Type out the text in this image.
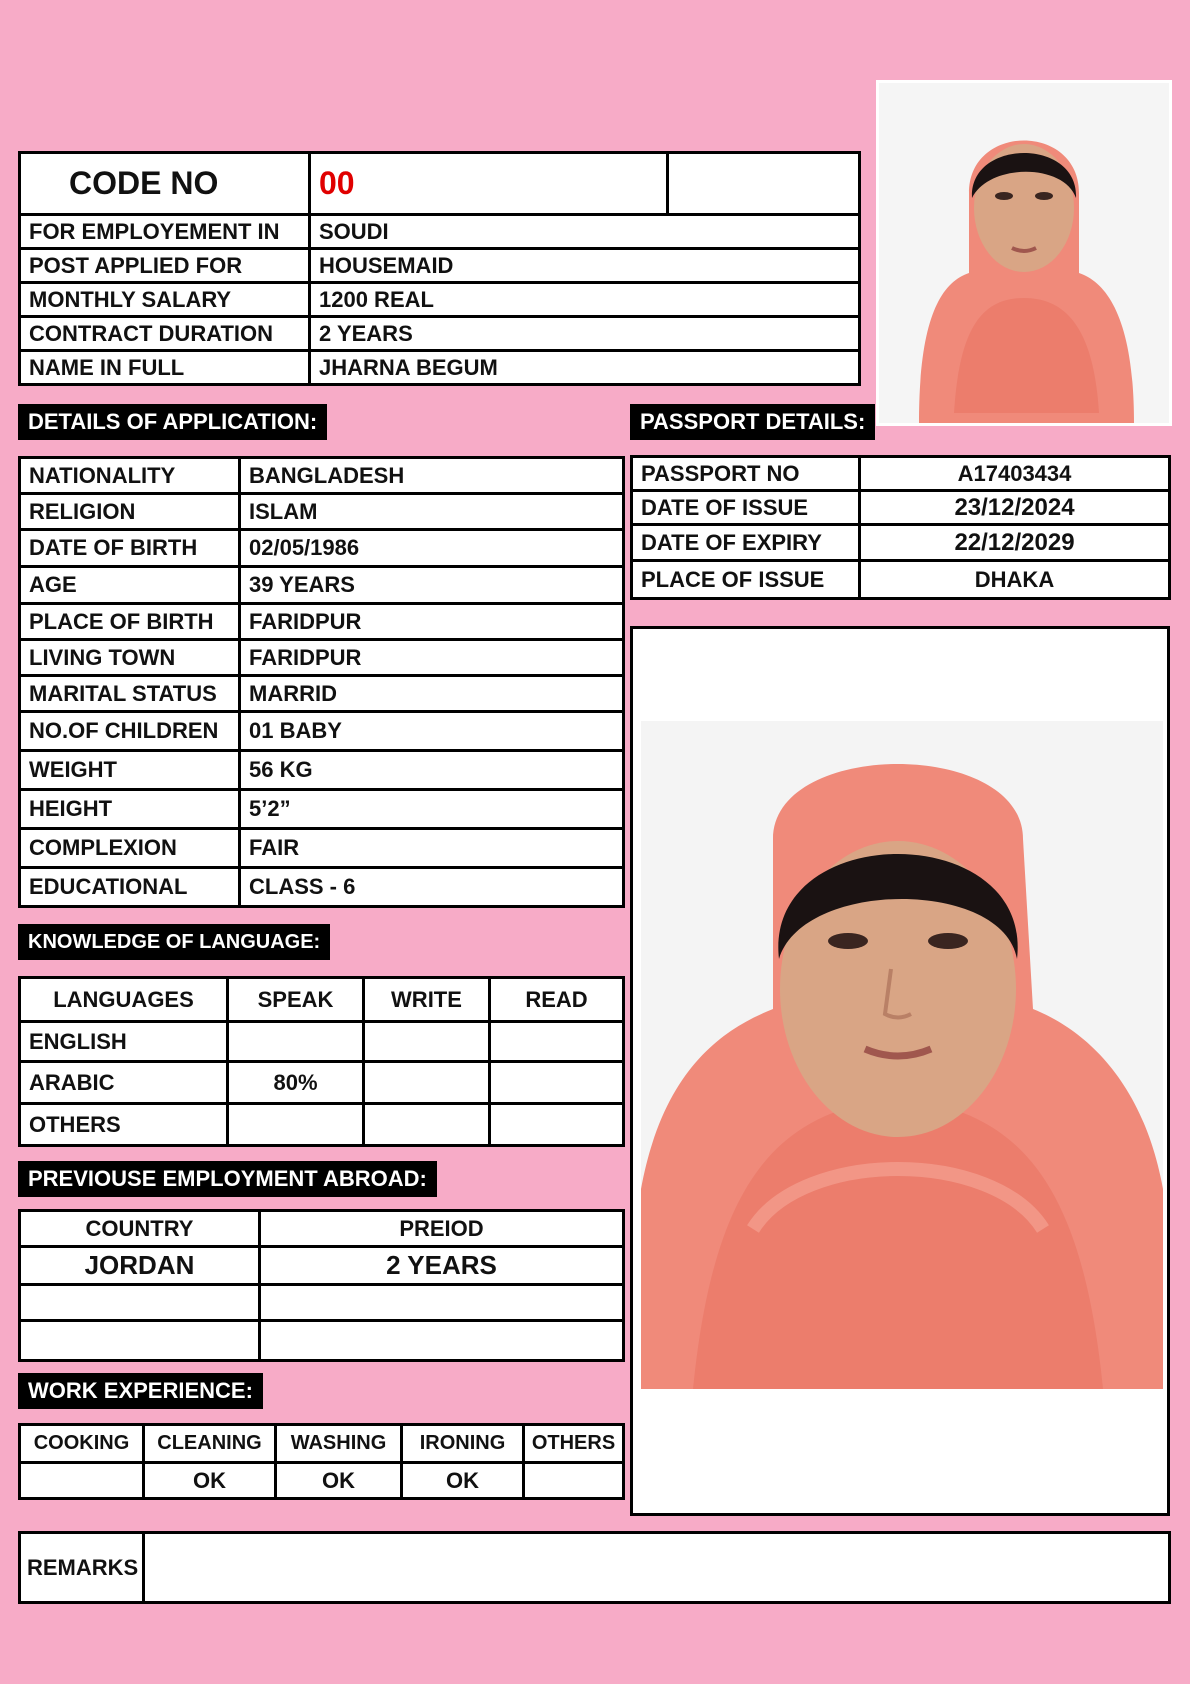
CODE NO	00	
FOR EMPLOYEMENT IN	SOUDI	
POST APPLIED FOR	HOUSEMAID	
MONTHLY SALARY	1200 REAL	
CONTRACT DURATION	2 YEARS	
NAME IN FULL	JHARNA BEGUM	
DETAILS OF APPLICATION:
NATIONALITY	BANGLADESH
RELIGION	ISLAM
DATE OF BIRTH	02/05/1986
AGE	39 YEARS
PLACE OF BIRTH	FARIDPUR
LIVING TOWN	FARIDPUR
MARITAL STATUS	MARRID
NO.OF CHILDREN	01 BABY
WEIGHT	56 KG
HEIGHT	5’2”
COMPLEXION	FAIR
EDUCATIONAL	CLASS - 6
PASSPORT DETAILS:
PASSPORT NO	A17403434
DATE OF ISSUE	23/12/2024
DATE OF EXPIRY	22/12/2029
PLACE OF ISSUE	DHAKA
KNOWLEDGE OF LANGUAGE:
LANGUAGES	SPEAK	WRITE	READ
ENGLISH			
ARABIC	80%		
OTHERS			
PREVIOUSE EMPLOYMENT ABROAD:
COUNTRY	PREIOD
JORDAN	2 YEARS

WORK EXPERIENCE:
COOKING	CLEANING	WASHING	IRONING	OTHERS
	OK	OK	OK	
REMARKS	
